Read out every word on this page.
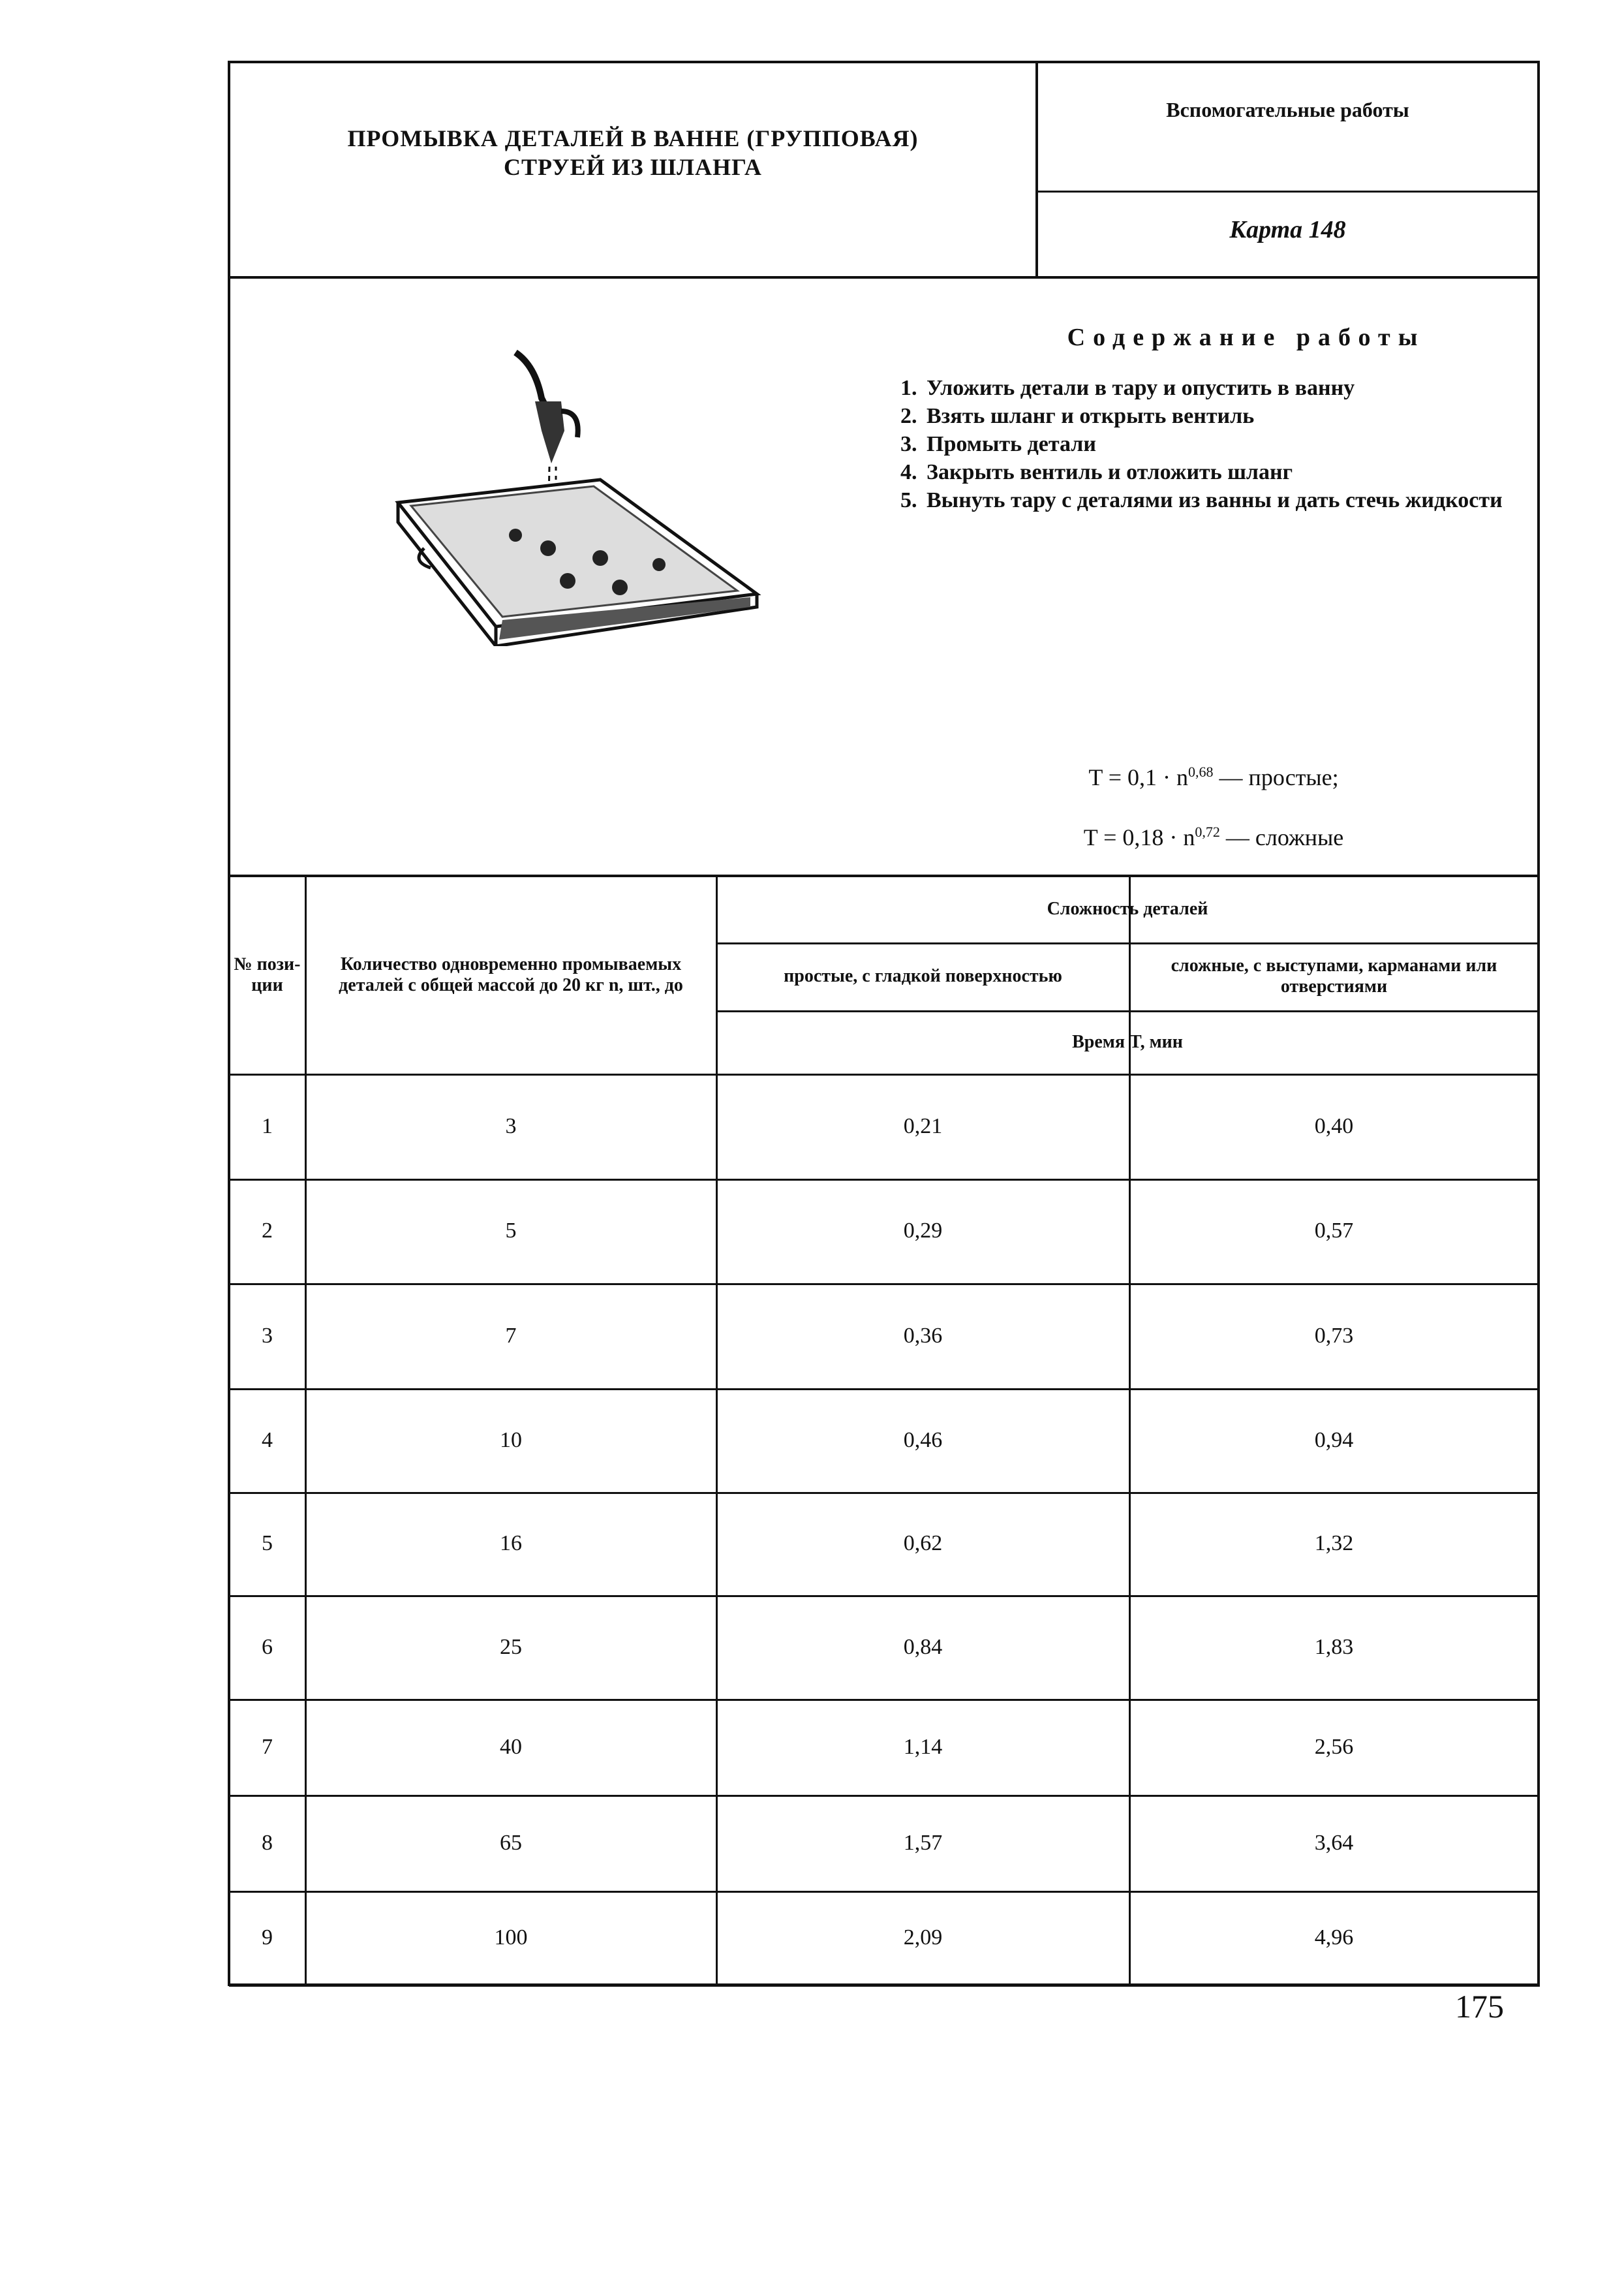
ПРОМЫВКА ДЕТАЛЕЙ В ВАННЕ (ГРУППОВАЯ)
СТРУЕЙ ИЗ ШЛАНГА
Вспомогательные работы
Карта 148
Содержание работы
1. Уложить детали в тару и опустить в ванну
2. Взять шланг и открыть вентиль
3. Промыть детали
4. Закрыть вентиль и отложить шланг
5. Вынуть тару с деталями из ванны и дать стечь жидкости
$T = 0,1 \cdot n^{0,68}$ — простые;
$T = 0,18 \cdot n^{0,72}$ — сложные
№ пози-ции
Количество одновременно промываемых деталей с общей массой до 20 кг n, шт., до
Сложность деталей
простые, с гладкой поверхностью
сложные, с выступами, карманами или отверстиями
Время T, мин
1	3	0,21	0,40
2	5	0,29	0,57
3	7	0,36	0,73
4	10	0,46	0,94
5	16	0,62	1,32
6	25	0,84	1,83
7	40	1,14	2,56
8	65	1,57	3,64
9	100	2,09	4,96
175
